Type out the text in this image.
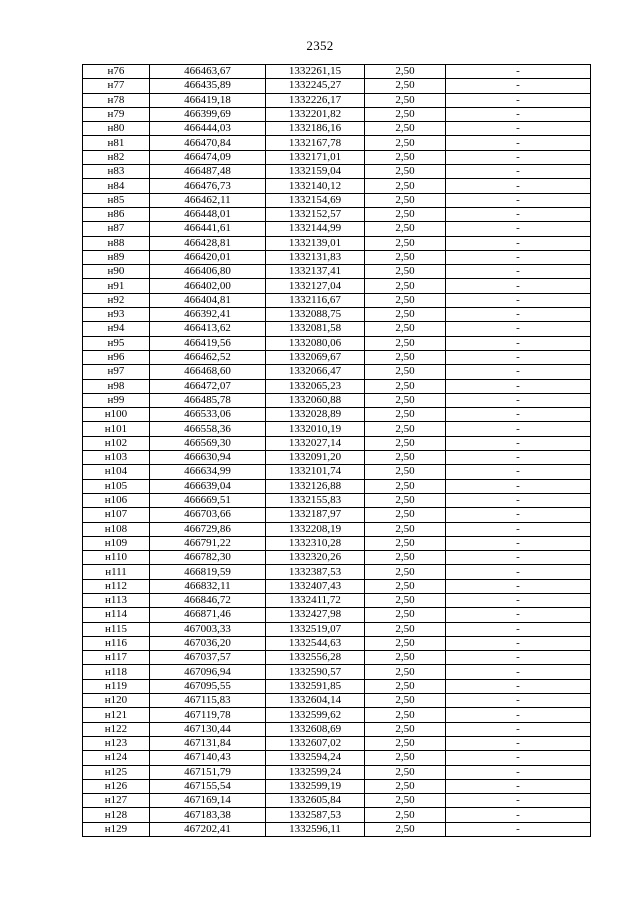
2352
н76	466463,67	1332261,15	2,50	-
н77	466435,89	1332245,27	2,50	-
н78	466419,18	1332226,17	2,50	-
н79	466399,69	1332201,82	2,50	-
н80	466444,03	1332186,16	2,50	-
н81	466470,84	1332167,78	2,50	-
н82	466474,09	1332171,01	2,50	-
н83	466487,48	1332159,04	2,50	-
н84	466476,73	1332140,12	2,50	-
н85	466462,11	1332154,69	2,50	-
н86	466448,01	1332152,57	2,50	-
н87	466441,61	1332144,99	2,50	-
н88	466428,81	1332139,01	2,50	-
н89	466420,01	1332131,83	2,50	-
н90	466406,80	1332137,41	2,50	-
н91	466402,00	1332127,04	2,50	-
н92	466404,81	1332116,67	2,50	-
н93	466392,41	1332088,75	2,50	-
н94	466413,62	1332081,58	2,50	-
н95	466419,56	1332080,06	2,50	-
н96	466462,52	1332069,67	2,50	-
н97	466468,60	1332066,47	2,50	-
н98	466472,07	1332065,23	2,50	-
н99	466485,78	1332060,88	2,50	-
н100	466533,06	1332028,89	2,50	-
н101	466558,36	1332010,19	2,50	-
н102	466569,30	1332027,14	2,50	-
н103	466630,94	1332091,20	2,50	-
н104	466634,99	1332101,74	2,50	-
н105	466639,04	1332126,88	2,50	-
н106	466669,51	1332155,83	2,50	-
н107	466703,66	1332187,97	2,50	-
н108	466729,86	1332208,19	2,50	-
н109	466791,22	1332310,28	2,50	-
н110	466782,30	1332320,26	2,50	-
н111	466819,59	1332387,53	2,50	-
н112	466832,11	1332407,43	2,50	-
н113	466846,72	1332411,72	2,50	-
н114	466871,46	1332427,98	2,50	-
н115	467003,33	1332519,07	2,50	-
н116	467036,20	1332544,63	2,50	-
н117	467037,57	1332556,28	2,50	-
н118	467096,94	1332590,57	2,50	-
н119	467095,55	1332591,85	2,50	-
н120	467115,83	1332604,14	2,50	-
н121	467119,78	1332599,62	2,50	-
н122	467130,44	1332608,69	2,50	-
н123	467131,84	1332607,02	2,50	-
н124	467140,43	1332594,24	2,50	-
н125	467151,79	1332599,24	2,50	-
н126	467155,54	1332599,19	2,50	-
н127	467169,14	1332605,84	2,50	-
н128	467183,38	1332587,53	2,50	-
н129	467202,41	1332596,11	2,50	-
